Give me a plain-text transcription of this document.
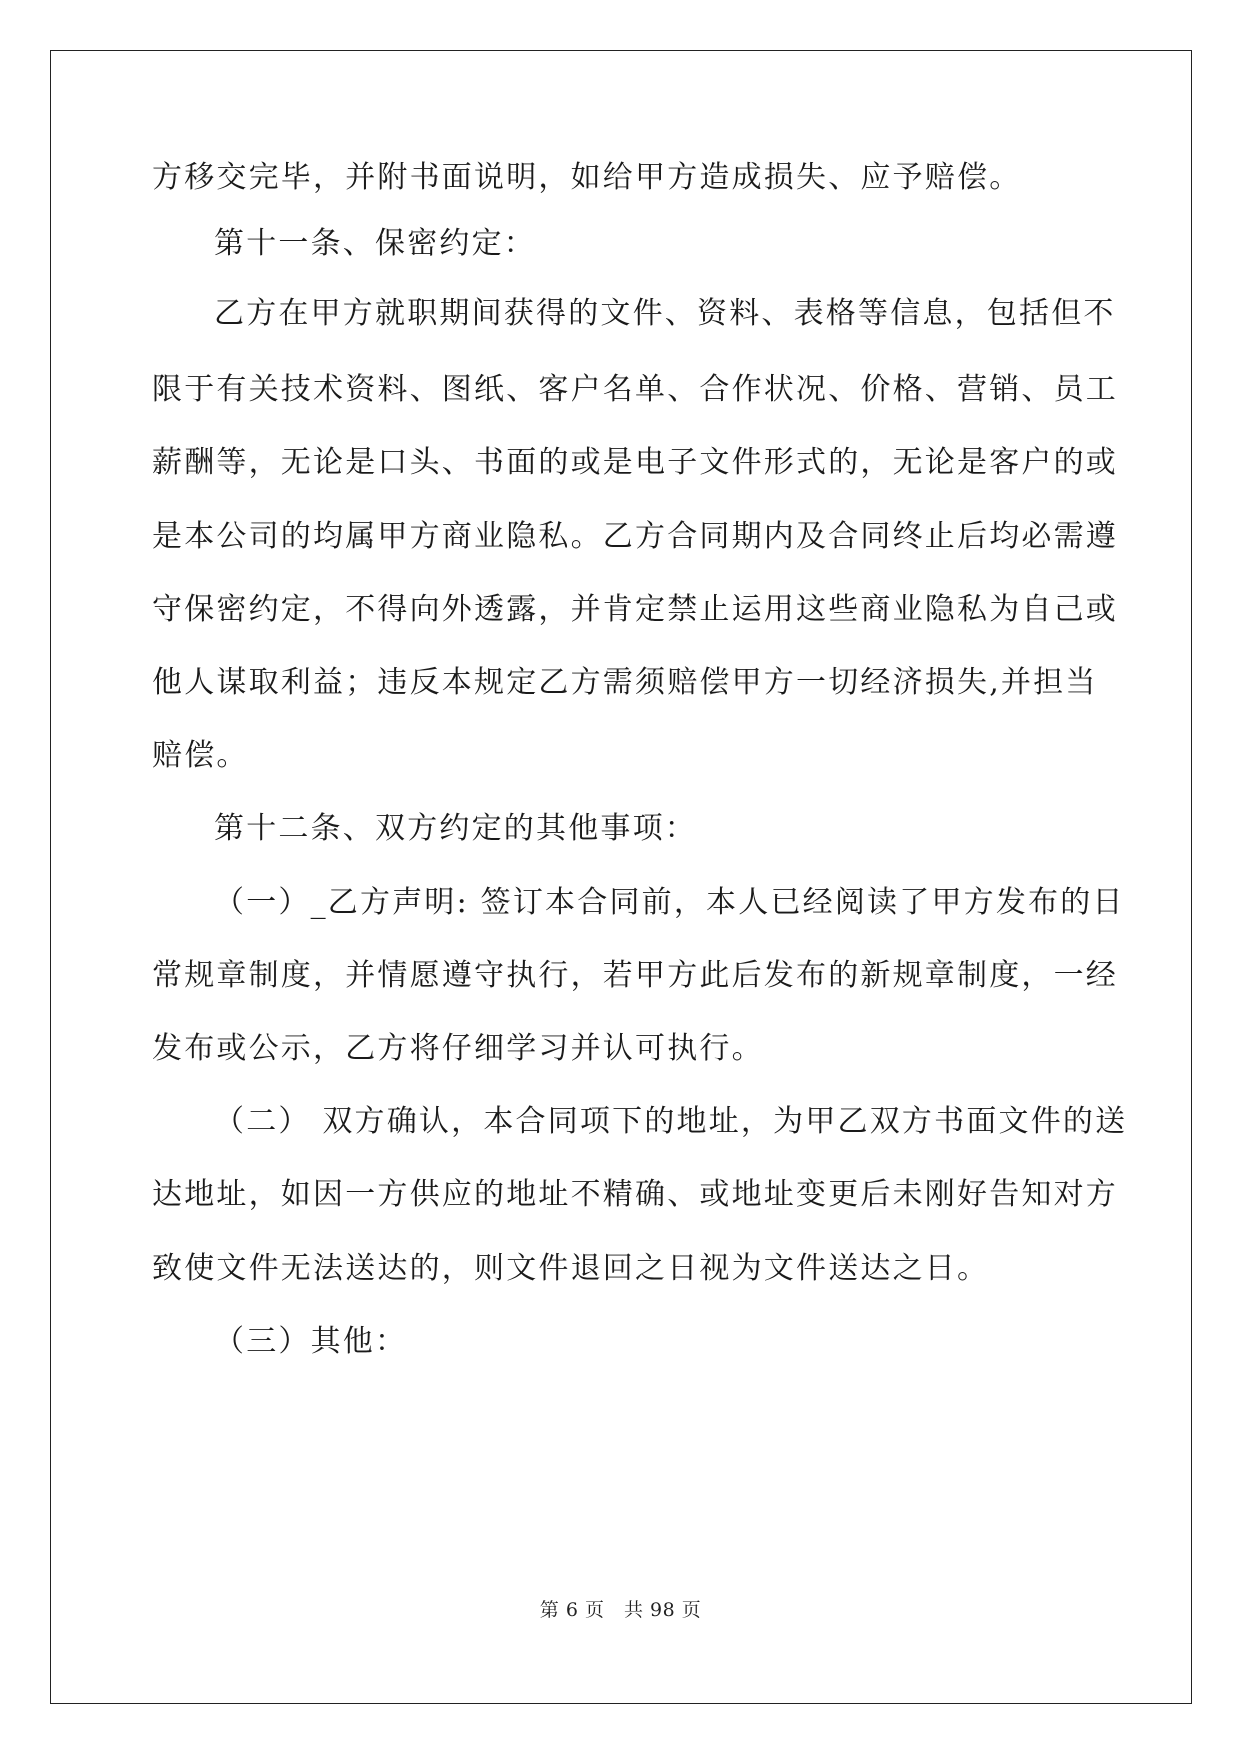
方移交完毕，并附书面说明，如给甲方造成损失、应予赔偿。
第十一条、保密约定：
乙方在甲方就职期间获得的文件、资料、表格等信息，包括但不
限于有关技术资料、图纸、客户名单、合作状况、价格、营销、员工
薪酬等，无论是口头、书面的或是电子文件形式的，无论是客户的或
是本公司的均属甲方商业隐私。乙方合同期内及合同终止后均必需遵
守保密约定，不得向外透露，并肯定禁止运用这些商业隐私为自己或
他人谋取利益；违反本规定乙方需须赔偿甲方一切经济损失,并担当
赔偿。
第十二条、双方约定的其他事项：
（一）_乙方声明: 签订本合同前，本人已经阅读了甲方发布的日
常规章制度，并情愿遵守执行，若甲方此后发布的新规章制度，一经
发布或公示，乙方将仔细学习并认可执行。
（二） 双方确认，本合同项下的地址，为甲乙双方书面文件的送
达地址，如因一方供应的地址不精确、或地址变更后未刚好告知对方
致使文件无法送达的，则文件退回之日视为文件送达之日。
（三）其他：
第 6 页　共 98 页
